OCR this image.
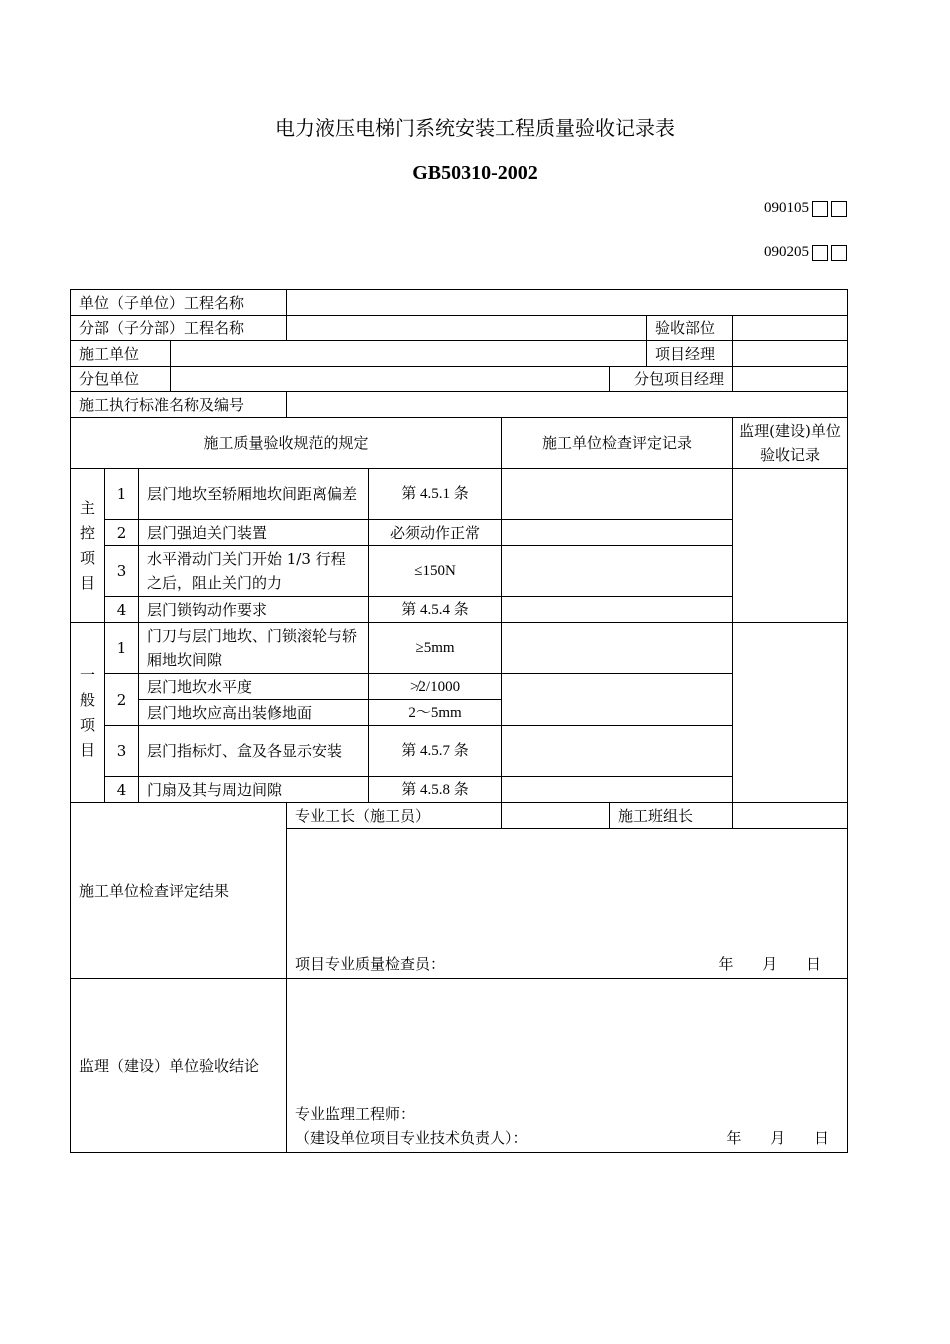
电力液压电梯门系统安装工程质量验收记录表
GB50310-2002
090105
090205
单位（子单位）工程名称									
分部（子分部）工程名称								验收部位	
施工单位								项目经理	
分包单位							分包项目经理		
施工执行标准名称及编号									
施工质量验收规范的规定						施工单位检查评定记录			监理(建设)单位验收记录
主控项目	1	层门地坎至轿厢地坎间距离偏差			第 4.5.1 条				
	2	层门强迫关门装置			必须动作正常				
	3	水平滑动门关门开始 1/3 行程之后，阻止关门的力			≤150N				
	4	层门锁钩动作要求			第 4.5.4 条				
一般项目	1	门刀与层门地坎、门锁滚轮与轿厢地坎间隙			≥5mm				
	2	层门地坎水平度			≯2/1000				
		层门地坎应高出装修地面			2～5mm				
	3	层门指标灯、盒及各显示安装			第 4.5.7 条				
	4	门扇及其与周边间隙			第 4.5.8 条				
施工单位检查评定结果				专业工长（施工员）			施工班组长		

				项目专业质量检查员： 年 月 日					

监理（建设）单位验收结论				专业监理工程师：
（建设单位项目专业技术负责人）： 年 月 日					
